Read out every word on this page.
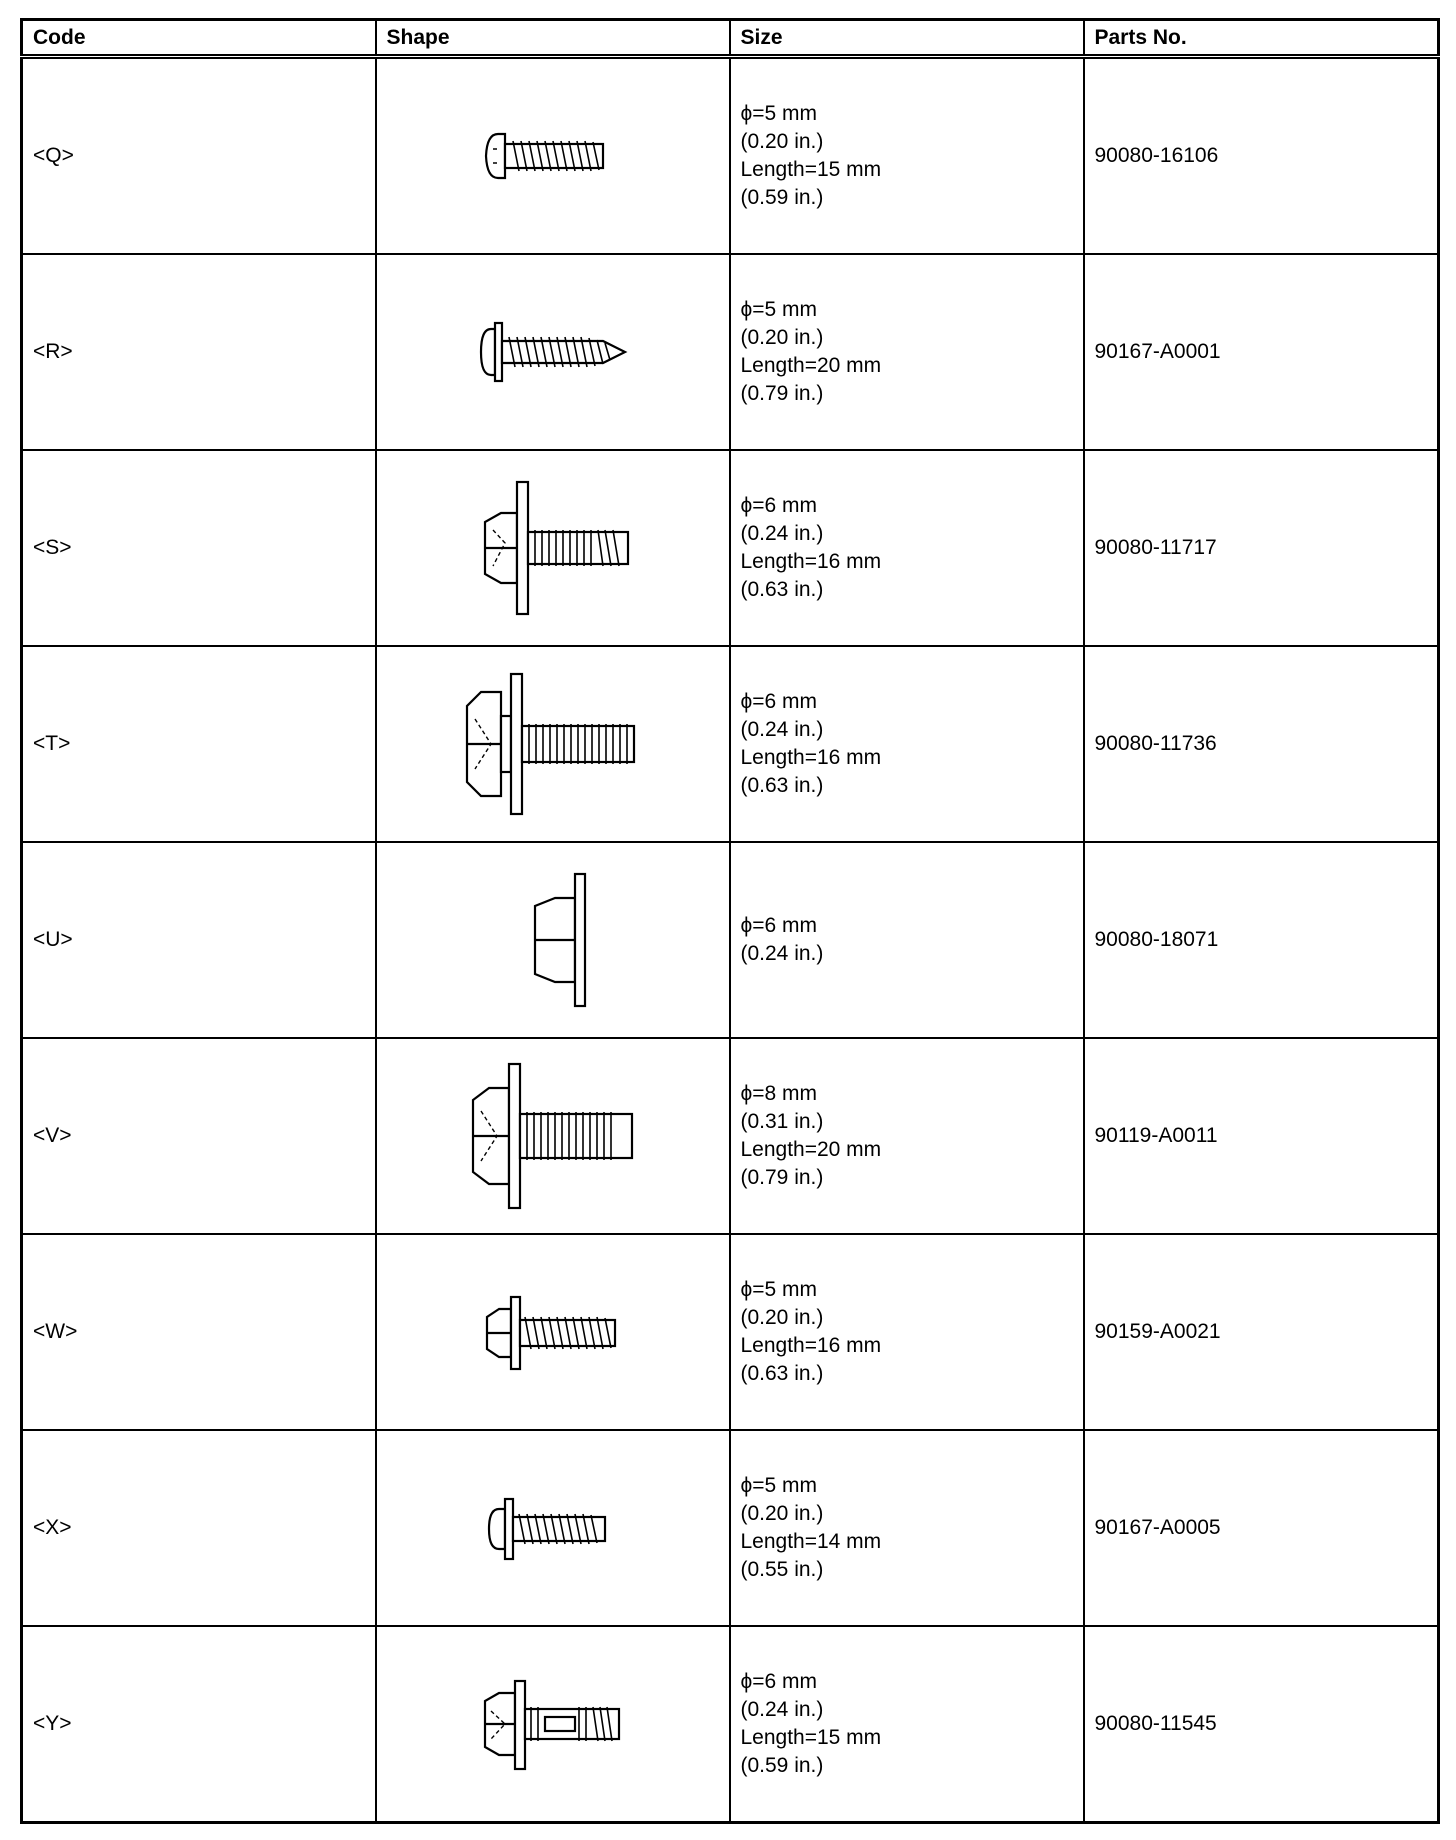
Code	Shape	Size	Parts No.
<Q>		ϕ=5 mm
(0.20 in.)
Length=15 mm
(0.59 in.)	90080-16106
<R>		ϕ=5 mm
(0.20 in.)
Length=20 mm
(0.79 in.)	90167-A0001
<S>		ϕ=6 mm
(0.24 in.)
Length=16 mm
(0.63 in.)	90080-11717
<T>		ϕ=6 mm
(0.24 in.)
Length=16 mm
(0.63 in.)	90080-11736
<U>		ϕ=6 mm
(0.24 in.)	90080-18071
<V>		ϕ=8 mm
(0.31 in.)
Length=20 mm
(0.79 in.)	90119-A0011
<W>		ϕ=5 mm
(0.20 in.)
Length=16 mm
(0.63 in.)	90159-A0021
<X>		ϕ=5 mm
(0.20 in.)
Length=14 mm
(0.55 in.)	90167-A0005
<Y>		ϕ=6 mm
(0.24 in.)
Length=15 mm
(0.59 in.)	90080-11545
